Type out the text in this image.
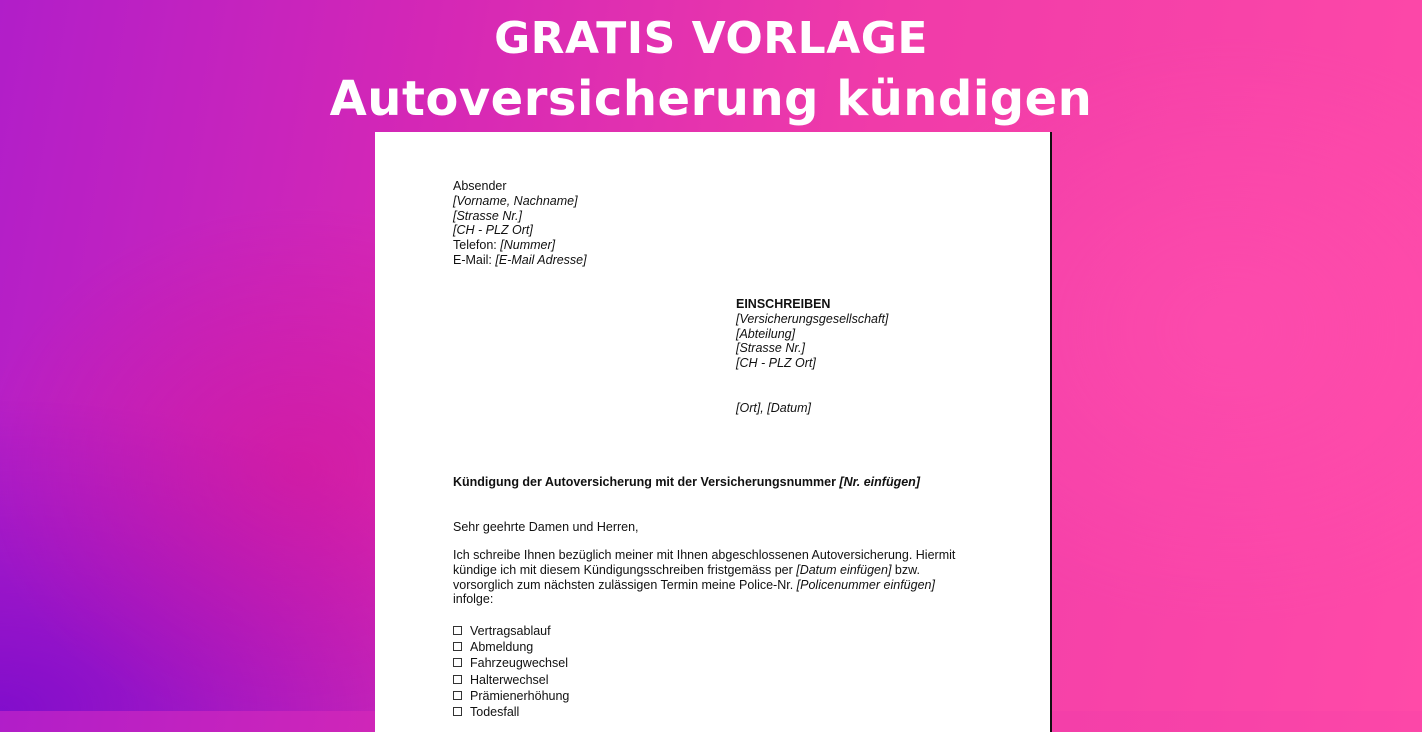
GRATIS VORLAGE
Autoversicherung kündigen
Absender
[Vorname, Nachname]
[Strasse Nr.]
[CH - PLZ Ort]
Telefon: [Nummer]
E-Mail: [E-Mail Adresse]
EINSCHREIBEN
[Versicherungsgesellschaft]
[Abteilung]
[Strasse Nr.]
[CH - PLZ Ort]
[Ort], [Datum]
Kündigung der Autoversicherung mit der Versicherungsnummer [Nr. einfügen]
Sehr geehrte Damen und Herren,
Ich schreibe Ihnen bezüglich meiner mit Ihnen abgeschlossenen Autoversicherung. Hiermit
kündige ich mit diesem Kündigungsschreiben fristgemäss per [Datum einfügen] bzw.
vorsorglich zum nächsten zulässigen Termin meine Police-Nr. [Policenummer einfügen]
infolge:
Vertragsablauf
Abmeldung
Fahrzeugwechsel
Halterwechsel
Prämienerhöhung
Todesfall
